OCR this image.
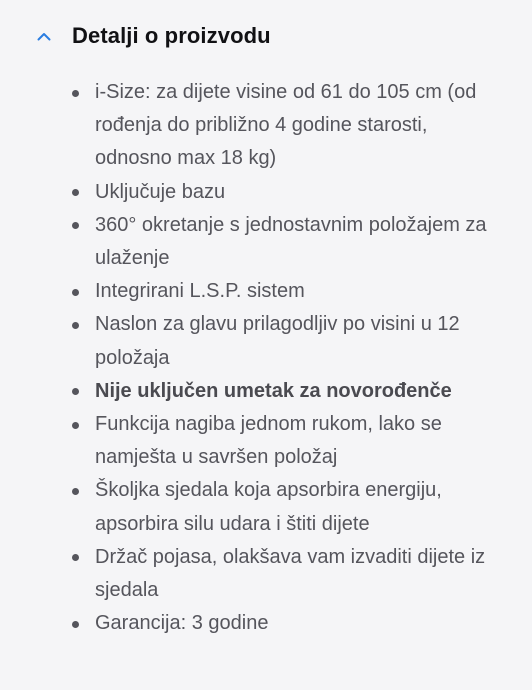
Detalji o proizvodu
i-Size: za dijete visine od 61 do 105 cm (od rođenja do približno 4 godine starosti, odnosno max 18 kg)
Uključuje bazu
360° okretanje s jednostavnim položajem za ulaženje
Integrirani L.S.P. sistem
Naslon za glavu prilagodljiv po visini u 12 položaja
Nije uključen umetak za novorođenče
Funkcija nagiba jednom rukom, lako se namješta u savršen položaj
Školjka sjedala koja apsorbira energiju, apsorbira silu udara i štiti dijete
Držač pojasa, olakšava vam izvaditi dijete iz sjedala
Garancija: 3 godine
